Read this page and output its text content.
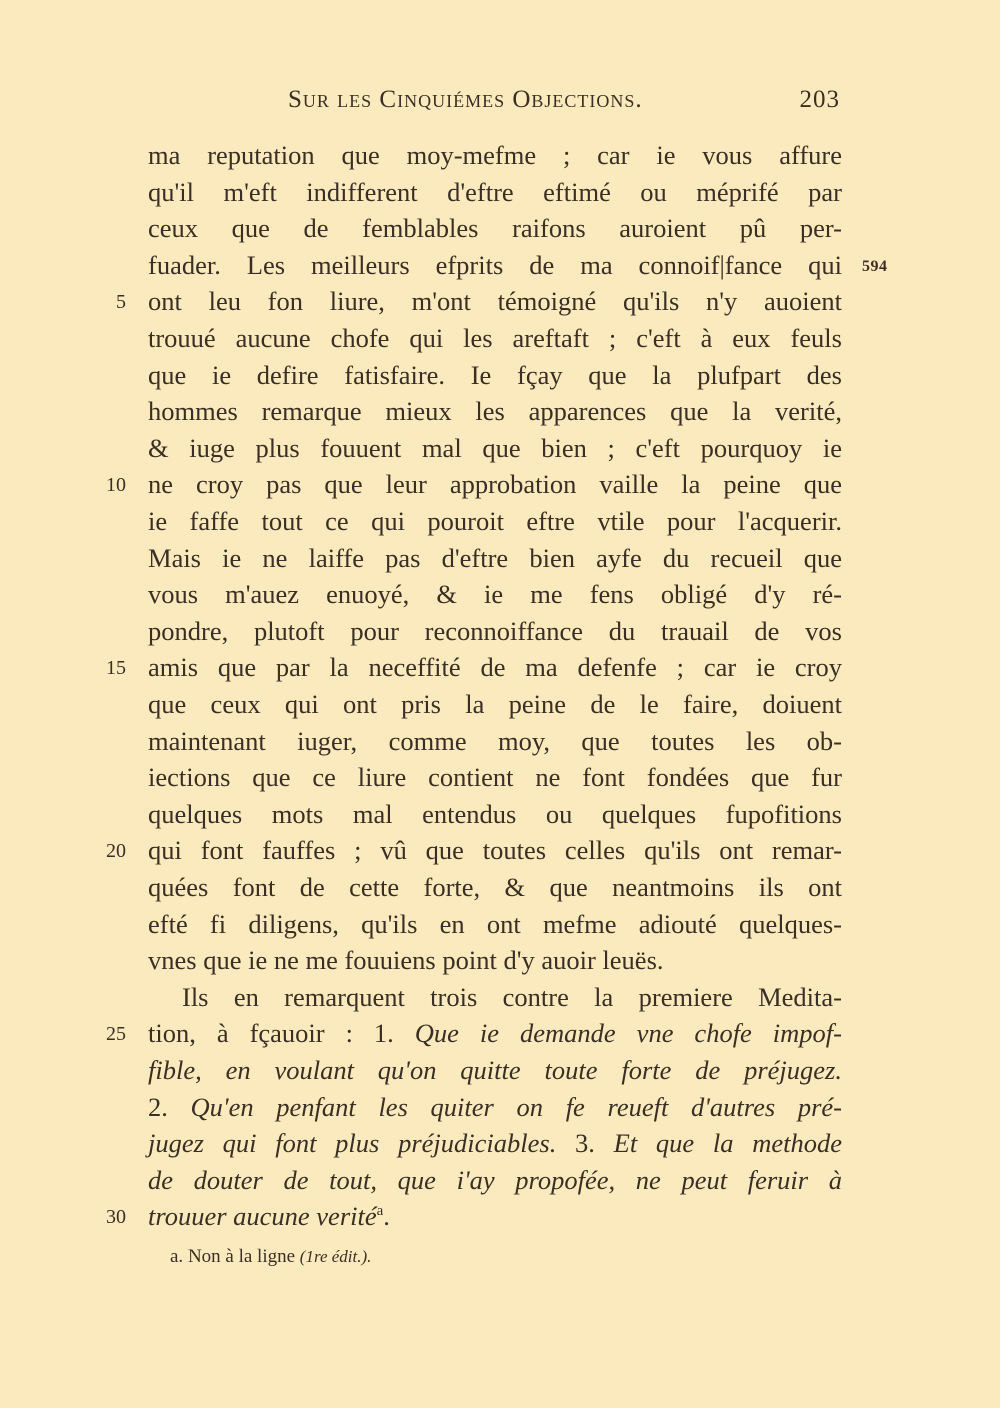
Sur les Cinquiémes Objections.	203
594
ma reputation que moy-mefme ; car ie vous affure
qu'il m'eft indifferent d'eftre eftimé ou méprifé par
ceux que de femblables raifons auroient pû per-
fuader. Les meilleurs efprits de ma connoif|fance qui
ont leu fon liure, m'ont témoigné qu'ils n'y auoient
5
trouué aucune chofe qui les areftaft ; c'eft à eux feuls
que ie defire fatisfaire. Ie fçay que la plufpart des
hommes remarque mieux les apparences que la verité,
& iuge plus fouuent mal que bien ; c'eft pourquoy ie
ne croy pas que leur approbation vaille la peine que
10
ie faffe tout ce qui pouroit eftre vtile pour l'acquerir.
Mais ie ne laiffe pas d'eftre bien ayfe du recueil que
vous m'auez enuoyé, & ie me fens obligé d'y ré-
pondre, plutoft pour reconnoiffance du trauail de vos
amis que par la neceffité de ma defenfe ; car ie croy
15
que ceux qui ont pris la peine de le faire, doiuent
maintenant iuger, comme moy, que toutes les ob-
iections que ce liure contient ne font fondées que fur
quelques mots mal entendus ou quelques fupofitions
qui font fauffes ; vû que toutes celles qu'ils ont remar-
20
quées font de cette forte, & que neantmoins ils ont
efté fi diligens, qu'ils en ont mefme adiouté quelques-
vnes que ie ne me fouuiens point d'y auoir leuës.
Ils en remarquent trois contre la premiere Medita-
tion, à fçauoir : 1. Que ie demande vne chofe impof-
25
fible, en voulant qu'on quitte toute forte de préjugez.
2. Qu'en penfant les quiter on fe reueft d'autres pré-
jugez qui font plus préjudiciables. 3. Et que la methode
de douter de tout, que i'ay propofée, ne peut feruir à
trouuer aucune verité$^a$.
30
a. Non à la ligne (1re édit.).
